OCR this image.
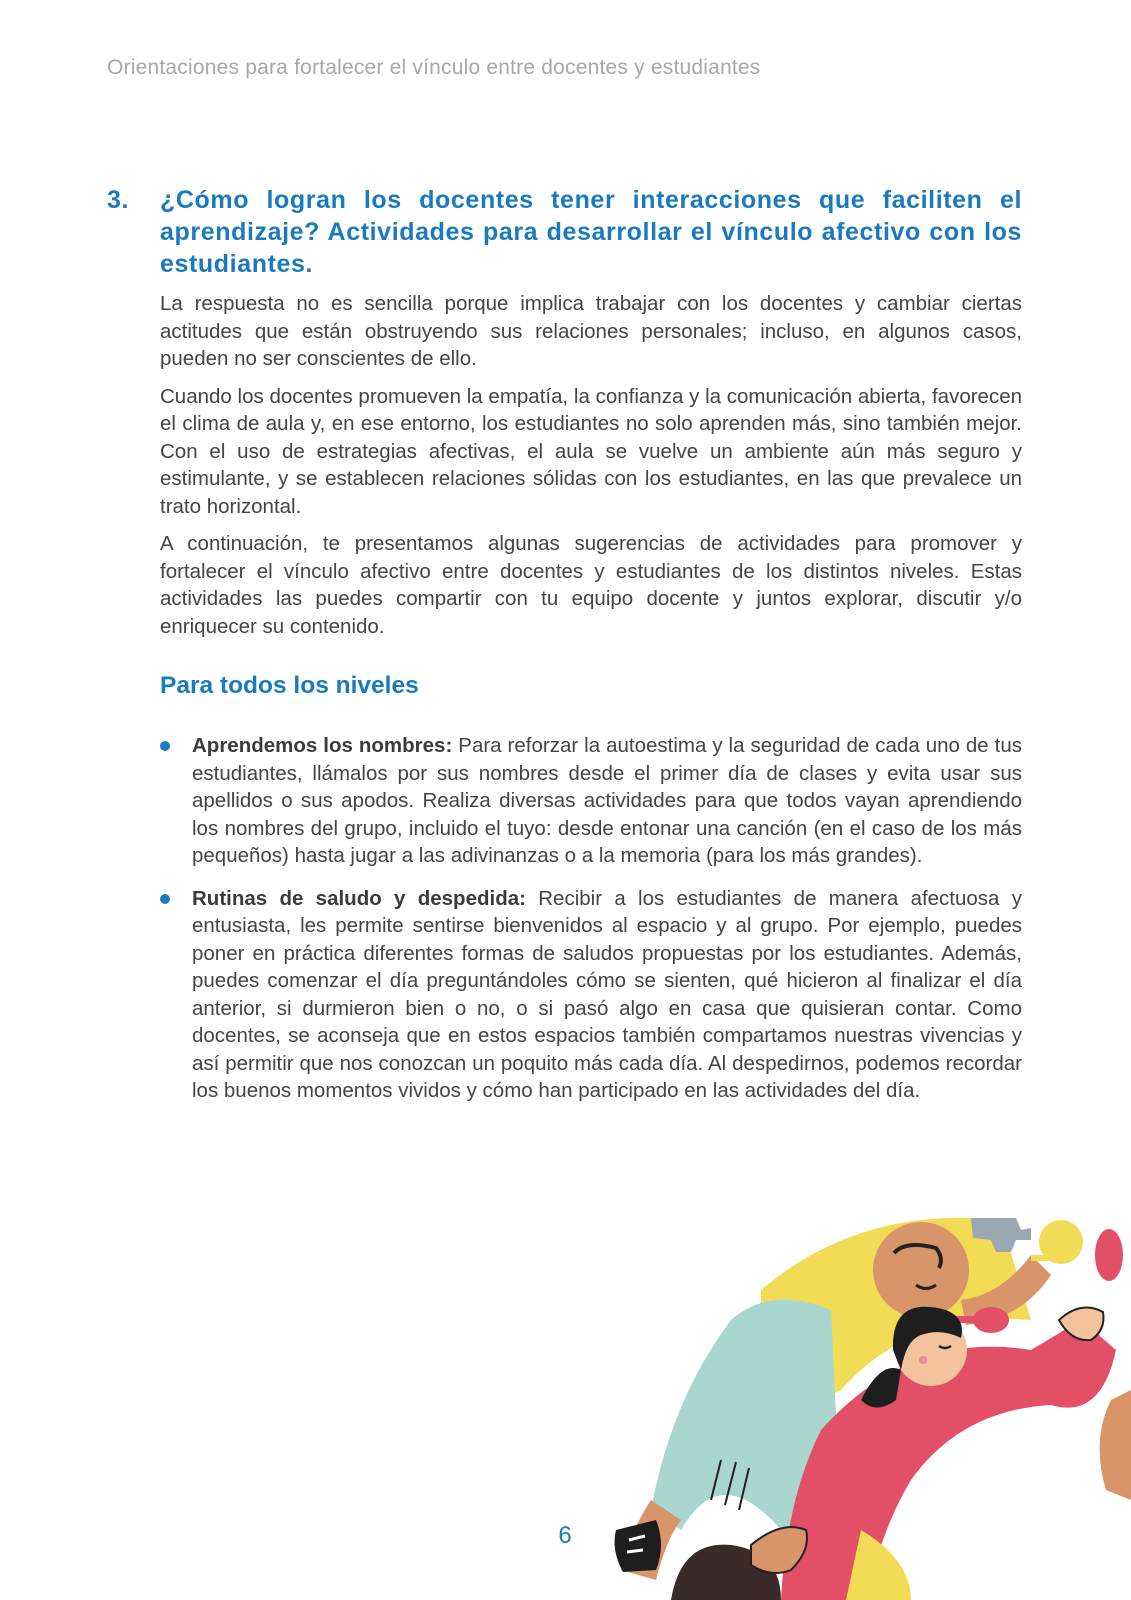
Orientaciones para fortalecer el vínculo entre docentes y estudiantes
3.	¿Cómo logran los docentes tener interacciones que faciliten el aprendizaje? Actividades para desarrollar el vínculo afectivo con los estudiantes.

La respuesta no es sencilla porque implica trabajar con los docentes y cambiar ciertas actitudes que están obstruyendo sus relaciones personales; incluso, en algunos casos, pueden no ser conscientes de ello.

Cuando los docentes promueven la empatía, la confianza y la comunicación abierta, favorecen el clima de aula y, en ese entorno, los estudiantes no solo aprenden más, sino también mejor. Con el uso de estrategias afectivas, el aula se vuelve un ambiente aún más seguro y estimulante, y se establecen relaciones sólidas con los estudiantes, en las que prevalece un trato horizontal.

A continuación, te presentamos algunas sugerencias de actividades para promover y fortalecer el vínculo afectivo entre docentes y estudiantes de los distintos niveles. Estas actividades las puedes compartir con tu equipo docente y juntos explorar, discutir y/o enriquecer su contenido.

Para todos los niveles
Aprendemos los nombres: Para reforzar la autoestima y la seguridad de cada uno de tus estudiantes, llámalos por sus nombres desde el primer día de clases y evita usar sus apellidos o sus apodos. Realiza diversas actividades para que todos vayan aprendiendo los nombres del grupo, incluido el tuyo: desde entonar una canción (en el caso de los más pequeños) hasta jugar a las adivinanzas o a la memoria (para los más grandes).
Rutinas de saludo y despedida: Recibir a los estudiantes de manera afectuosa y entusiasta, les permite sentirse bienvenidos al espacio y al grupo. Por ejemplo, puedes poner en práctica diferentes formas de saludos propuestas por los estudiantes. Además, puedes comenzar el día preguntándoles cómo se sienten, qué hicieron al finalizar el día anterior, si durmieron bien o no, o si pasó algo en casa que quisieran contar. Como docentes, se aconseja que en estos espacios también compartamos nuestras vivencias y así permitir que nos conozcan un poquito más cada día. Al despedirnos, podemos recordar los buenos momentos vividos y cómo han participado en las actividades del día.
6
